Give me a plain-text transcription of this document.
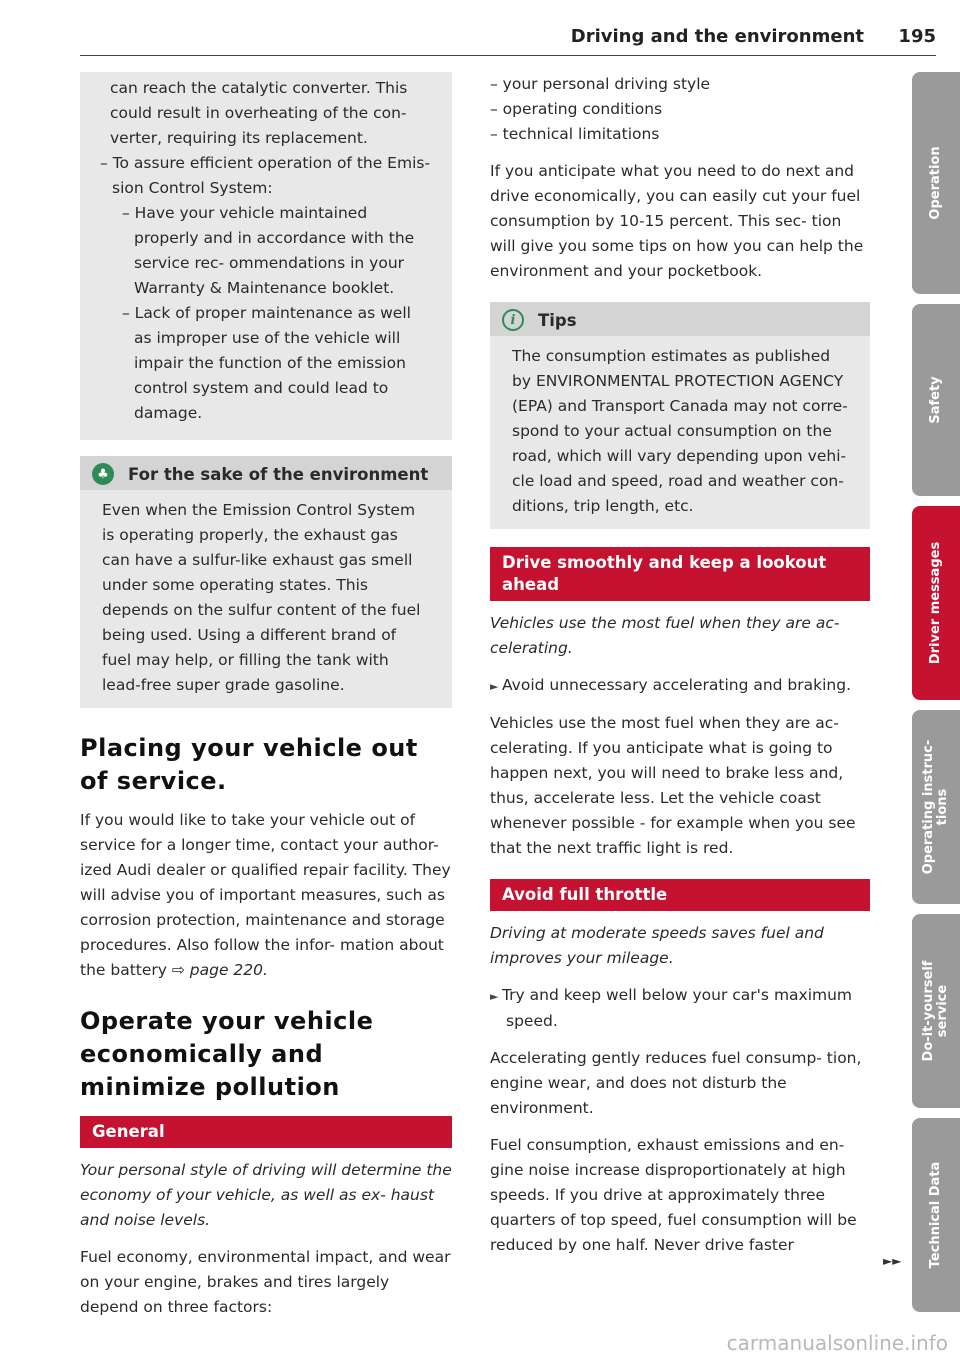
Driving and the environment 195

can reach the catalytic converter. This could result in overheating of the con- verter, requiring its replacement.

– To assure efficient operation of the Emis- sion Control System:
– Have your vehicle maintained properly and in accordance with the service rec- ommendations in your Warranty & Maintenance booklet.
– Lack of proper maintenance as well as improper use of the vehicle will impair the function of the emission control system and could lead to damage.
♣	For the sake of the environment

Even when the Emission Control System is operating properly, the exhaust gas can have a sulfur-like exhaust gas smell under some operating states. This depends on the sulfur content of the fuel being used. Using a different brand of fuel may help, or filling the tank with lead-free super grade gasoline.

Placing your vehicle out of service.

If you would like to take your vehicle out of service for a longer time, contact your author- ized Audi dealer or qualified repair facility. They will advise you of important measures, such as corrosion protection, maintenance and storage procedures. Also follow the infor- mation about the battery ⇨ page 220.

Operate your vehicle economically and minimize pollution
General

Your personal style of driving will determine the economy of your vehicle, as well as ex- haust and noise levels.

Fuel economy, environmental impact, and wear on your engine, brakes and tires largely depend on three factors:

– your personal driving style
– operating conditions
– technical limitations

If you anticipate what you need to do next and drive economically, you can easily cut your fuel consumption by 10-15 percent. This sec- tion will give you some tips on how you can help the environment and your pocketbook.

i	Tips

The consumption estimates as published by ENVIRONMENTAL PROTECTION AGENCY (EPA) and Transport Canada may not corre- spond to your actual consumption on the road, which will vary depending upon vehi- cle load and speed, road and weather con- ditions, trip length, etc.

Drive smoothly and keep a lookout ahead

Vehicles use the most fuel when they are ac- celerating.

► Avoid unnecessary accelerating and braking.

Vehicles use the most fuel when they are ac- celerating. If you anticipate what is going to happen next, you will need to brake less and, thus, accelerate less. Let the vehicle coast whenever possible - for example when you see that the next traffic light is red.

Avoid full throttle

Driving at moderate speeds saves fuel and improves your mileage.

► Try and keep well below your car's maximum speed.

Accelerating gently reduces fuel consump- tion, engine wear, and does not disturb the environment.

Fuel consumption, exhaust emissions and en- gine noise increase disproportionately at high speeds. If you drive at approximately three quarters of top speed, fuel consumption will be reduced by one half. Never drive faster

►►
Operation
Safety
Driver messages
Operating instruc- tions
Do-it-yourself service
Technical Data
carmanualsonline.info
